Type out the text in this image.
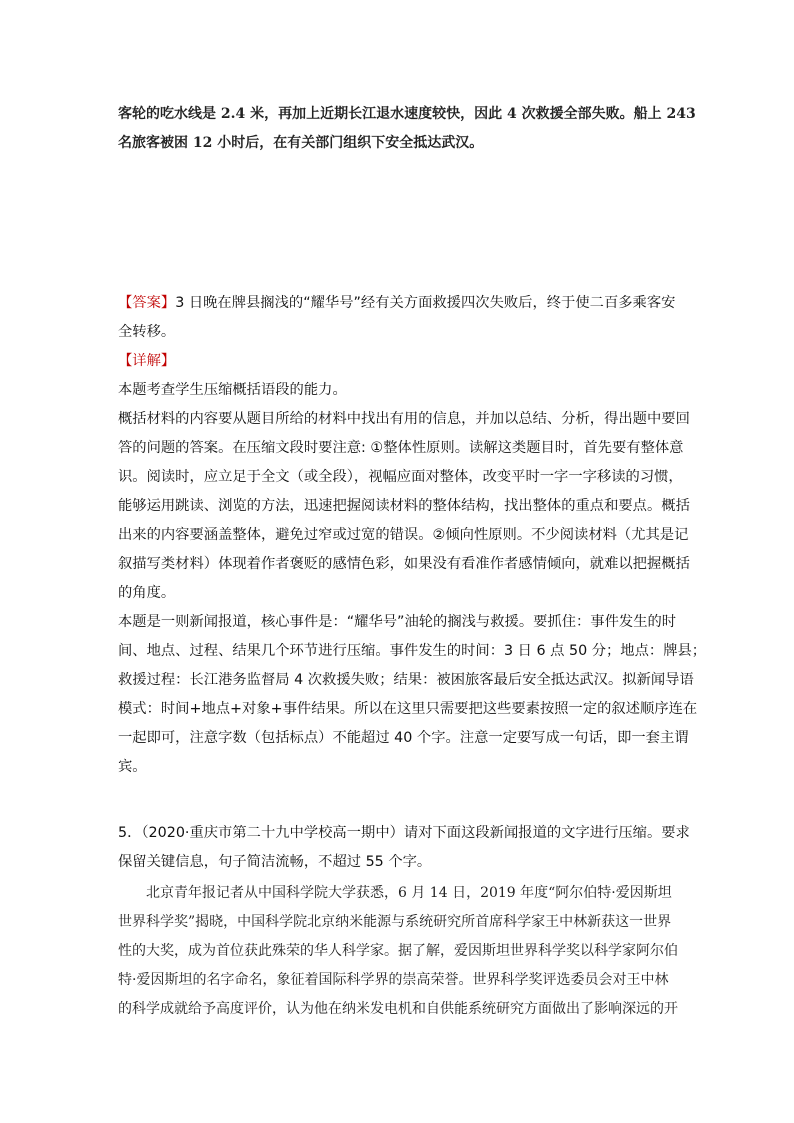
客轮的吃水线是 2.4 米，再加上近期长江退水速度较快，因此 4 次救援全部失败。船上 243
名旅客被困 12 小时后，在有关部门组织下安全抵达武汉。
【答案】3 日晚在牌县搁浅的“耀华号”经有关方面救援四次失败后，终于使二百多乘客安
全转移。
【详解】
本题考查学生压缩概括语段的能力。
概括材料的内容要从题目所给的材料中找出有用的信息，并加以总结、分析，得出题中要回
答的问题的答案。在压缩文段时要注意: ①整体性原则。读解这类题目时，首先要有整体意
识。阅读时，应立足于全文（或全段），视幅应面对整体，改变平时一字一字移读的习惯，
能够运用跳读、浏览的方法，迅速把握阅读材料的整体结构，找出整体的重点和要点。概括
出来的内容要涵盖整体，避免过窄或过宽的错误。②倾向性原则。不少阅读材料（尤其是记
叙描写类材料）体现着作者褒贬的感情色彩，如果没有看准作者感情倾向，就难以把握概括
的角度。
本题是一则新闻报道，核心事件是：“耀华号”油轮的搁浅与救援。要抓住：事件发生的时
间、地点、过程、结果几个环节进行压缩。事件发生的时间：3 日 6 点 50 分；地点：牌县；
救援过程：长江港务监督局 4 次救援失败；结果：被困旅客最后安全抵达武汉。拟新闻导语
模式：时间+地点+对象+事件结果。所以在这里只需要把这些要素按照一定的叙述顺序连在
一起即可，注意字数（包括标点）不能超过 40 个字。注意一定要写成一句话，即一套主谓
宾。
5．（2020·重庆市第二十九中学校高一期中）请对下面这段新闻报道的文字进行压缩。要求
保留关键信息，句子简洁流畅，不超过 55 个字。
　　北京青年报记者从中国科学院大学获悉，6 月 14 日，2019 年度“阿尔伯特·爱因斯坦
世界科学奖”揭晓，中国科学院北京纳米能源与系统研究所首席科学家王中林新获这一世界
性的大奖，成为首位获此殊荣的华人科学家。据了解，爱因斯坦世界科学奖以科学家阿尔伯
特·爱因斯坦的名字命名，象征着国际科学界的崇高荣誉。世界科学奖评选委员会对王中林
的科学成就给予高度评价，认为他在纳米发电机和自供能系统研究方面做出了影响深远的开
